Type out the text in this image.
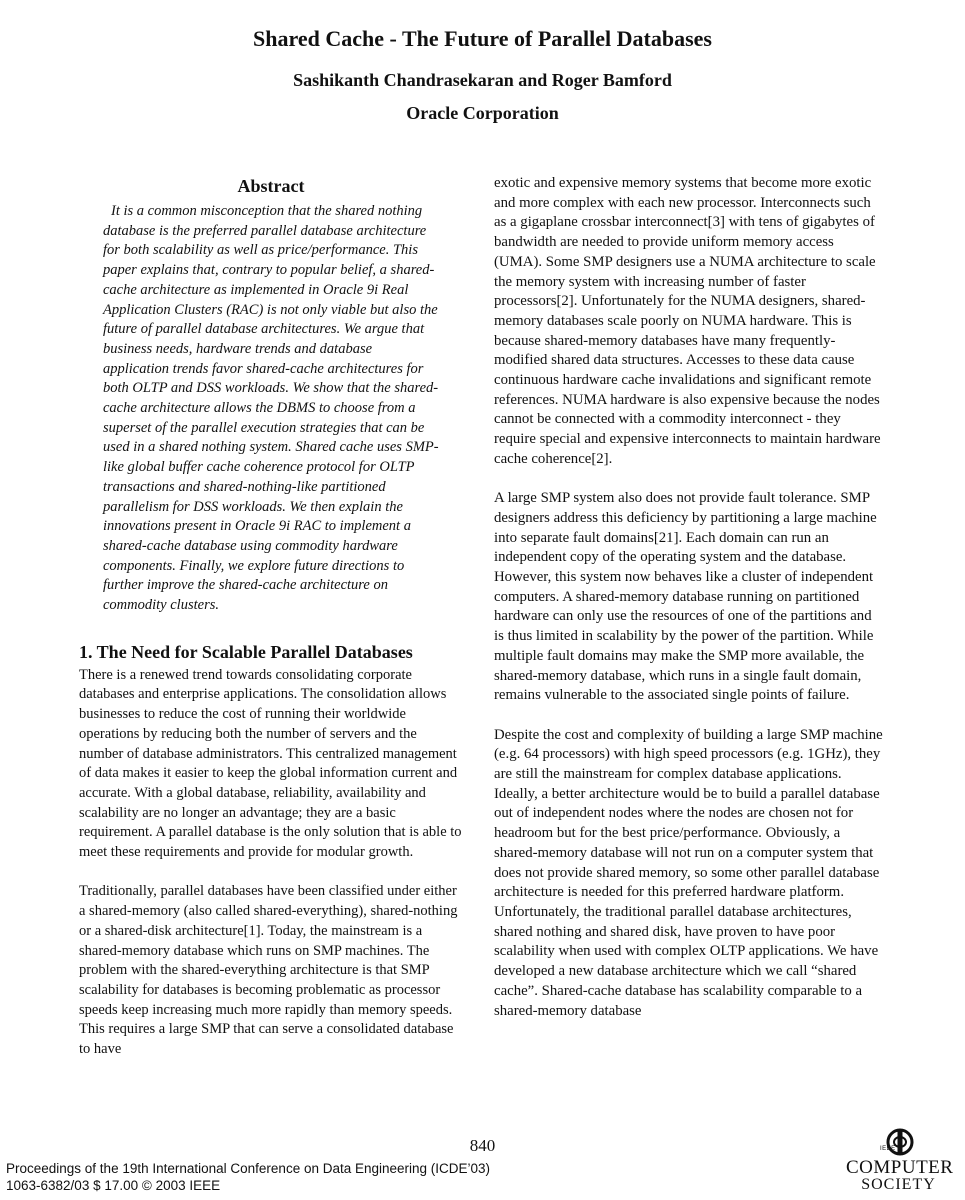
Shared Cache - The Future of Parallel Databases
Sashikanth Chandrasekaran and Roger Bamford
Oracle Corporation
Abstract
It is a common misconception that the shared nothing database is the preferred parallel database architecture for both scalability as well as price/performance. This paper explains that, contrary to popular belief, a shared-cache architecture as implemented in Oracle 9i Real Application Clusters (RAC) is not only viable but also the future of parallel database architectures. We argue that business needs, hardware trends and database application trends favor shared-cache architectures for both OLTP and DSS workloads. We show that the shared-cache architecture allows the DBMS to choose from a superset of the parallel execution strategies that can be used in a shared nothing system. Shared cache uses SMP-like global buffer cache coherence protocol for OLTP transactions and shared-nothing-like partitioned parallelism for DSS workloads. We then explain the innovations present in Oracle 9i RAC to implement a shared-cache database using commodity hardware components. Finally, we explore future directions to further improve the shared-cache architecture on commodity clusters.
1. The Need for Scalable Parallel Databases

There is a renewed trend towards consolidating corporate databases and enterprise applications. The consolidation allows businesses to reduce the cost of running their worldwide operations by reducing both the number of servers and the number of database administrators. This centralized management of data makes it easier to keep the global information current and accurate. With a global database, reliability, availability and scalability are no longer an advantage; they are a basic requirement. A parallel database is the only solution that is able to meet these requirements and provide for modular growth.

Traditionally, parallel databases have been classified under either a shared-memory (also called shared-everything), shared-nothing or a shared-disk architecture[1]. Today, the mainstream is a shared-memory database which runs on SMP machines. The problem with the shared-everything architecture is that SMP scalability for databases is becoming problematic as processor speeds keep increasing much more rapidly than memory speeds. This requires a large SMP that can serve a consolidated database to have

exotic and expensive memory systems that become more exotic and more complex with each new processor. Interconnects such as a gigaplane crossbar interconnect[3] with tens of gigabytes of bandwidth are needed to provide uniform memory access (UMA). Some SMP designers use a NUMA architecture to scale the memory system with increasing number of faster processors[2]. Unfortunately for the NUMA designers, shared-memory databases scale poorly on NUMA hardware. This is because shared-memory databases have many frequently-modified shared data structures. Accesses to these data cause continuous hardware cache invalidations and significant remote references. NUMA hardware is also expensive because the nodes cannot be connected with a commodity interconnect - they require special and expensive interconnects to maintain hardware cache coherence[2].

A large SMP system also does not provide fault tolerance. SMP designers address this deficiency by partitioning a large machine into separate fault domains[21]. Each domain can run an independent copy of the operating system and the database. However, this system now behaves like a cluster of independent computers. A shared-memory database running on partitioned hardware can only use the resources of one of the partitions and is thus limited in scalability by the power of the partition. While multiple fault domains may make the SMP more available, the shared-memory database, which runs in a single fault domain, remains vulnerable to the associated single points of failure.

Despite the cost and complexity of building a large SMP machine (e.g. 64 processors) with high speed processors (e.g. 1GHz), they are still the mainstream for complex database applications. Ideally, a better architecture would be to build a parallel database out of independent nodes where the nodes are chosen not for headroom but for the best price/performance. Obviously, a shared-memory database will not run on a computer system that does not provide shared memory, so some other parallel database architecture is needed for this preferred hardware platform. Unfortunately, the traditional parallel database architectures, shared nothing and shared disk, have proven to have poor scalability when used with complex OLTP applications. We have developed a new database architecture which we call “shared cache”. Shared-cache database has scalability comparable to a shared-memory database

840
Proceedings of the 19th International Conference on Data Engineering (ICDE’03)
1063-6382/03 $ 17.00 © 2003 IEEE
IEEE
COMPUTER
SOCIETY
